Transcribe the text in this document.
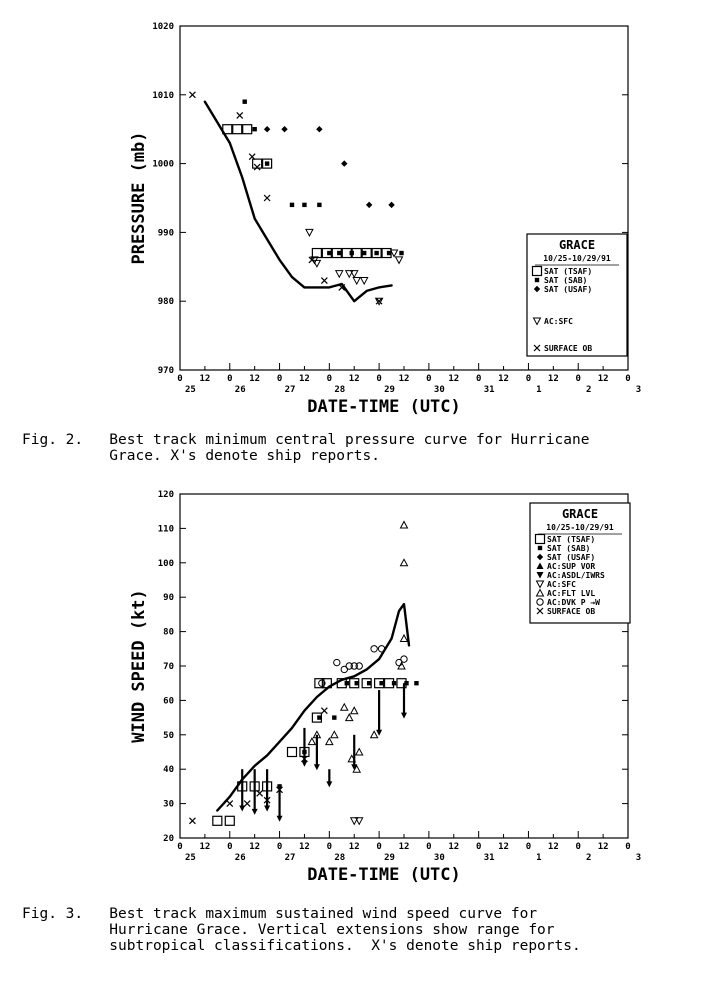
970
980
990
1000
1010
1020
0 12 0 12 0 12 0 12 0 12 0 12 0 12 0 12 0 12 0
25	26	27	28	29	30	31	1	2	3
DATE-TIME (UTC)
PRESSURE (mb)	GRACE
10/25-10/29/91
SAT (TSAF)
SAT (SAB)
SAT (USAF)
AC:SFC
SURFACE OB
20
30
40
50
60
70
80
90
100
110
120
0 12 0 12 0 12 0 12 0 12 0 12 0 12 0 12 0 12 0
25	26	27	28	29	30	31	1	2	3
DATE-TIME (UTC)
WIND SPEED (kt)
GRACE
10/25-10/29/91
SAT (TSAF)
SAT (SAB)
SAT (USAF)
AC:SUP VOR
AC:ASDL/IWRS
AC:SFC
AC:FLT LVL
AC:DVK P →W
SURFACE OB
Fig. 2.   Best track minimum central pressure curve for Hurricane
Grace. X's denote ship reports.
Fig. 3.   Best track maximum sustained wind speed curve for
Hurricane Grace. Vertical extensions show range for
subtropical classifications.  X's denote ship reports.
